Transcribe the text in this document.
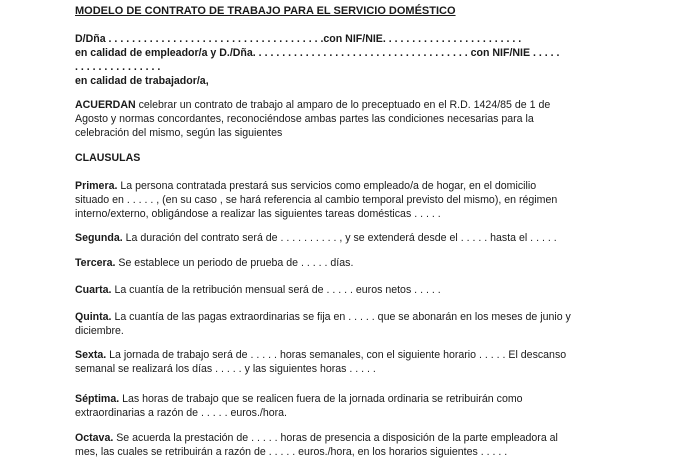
MODELO DE CONTRATO DE TRABAJO PARA EL SERVICIO DOMÉSTICO
D/Dña . . . . . . . . . . . . . . . . . . . . . . . . . . . . . . . . . . . . .con NIF/NIE. . . . . . . . . . . . . . . . . . . . . . . .
en calidad de empleador/a y D./Dña. . . . . . . . . . . . . . . . . . . . . . . . . . . . . . . . . . . . . con NIF/NIE . . . . .
. . . . . . . . . . . . . . .
en calidad de trabajador/a,
ACUERDAN celebrar un contrato de trabajo al amparo de lo preceptuado en el R.D. 1424/85 de 1 de
Agosto y normas concordantes, reconociéndose ambas partes las condiciones necesarias para la
celebración del mismo, según las siguientes
CLAUSULAS
Primera. La persona contratada prestará sus servicios como empleado/a de hogar, en el domicilio
situado en . . . . . , (en su caso , se hará referencia al cambio temporal previsto del mismo), en régimen
interno/externo, obligándose a realizar las siguientes tareas domésticas . . . . .
Segunda. La duración del contrato será de . . . . . . . . . . , y se extenderá desde el . . . . . hasta el . . . . .
Tercera. Se establece un periodo de prueba de . . . . . días.
Cuarta. La cuantía de la retribución mensual será de . . . . . euros netos . . . . .
Quinta. La cuantía de las pagas extraordinarias se fija en . . . . . que se abonarán en los meses de junio y
diciembre.
Sexta. La jornada de trabajo será de . . . . . horas semanales, con el siguiente horario . . . . . El descanso
semanal se realizará los días . . . . . y las siguientes horas . . . . .
Séptima. Las horas de trabajo que se realicen fuera de la jornada ordinaria se retribuirán como
extraordinarias a razón de . . . . . euros./hora.
Octava. Se acuerda la prestación de . . . . . horas de presencia a disposición de la parte empleadora al
mes, las cuales se retribuirán a razón de . . . . . euros./hora, en los horarios siguientes . . . . .
